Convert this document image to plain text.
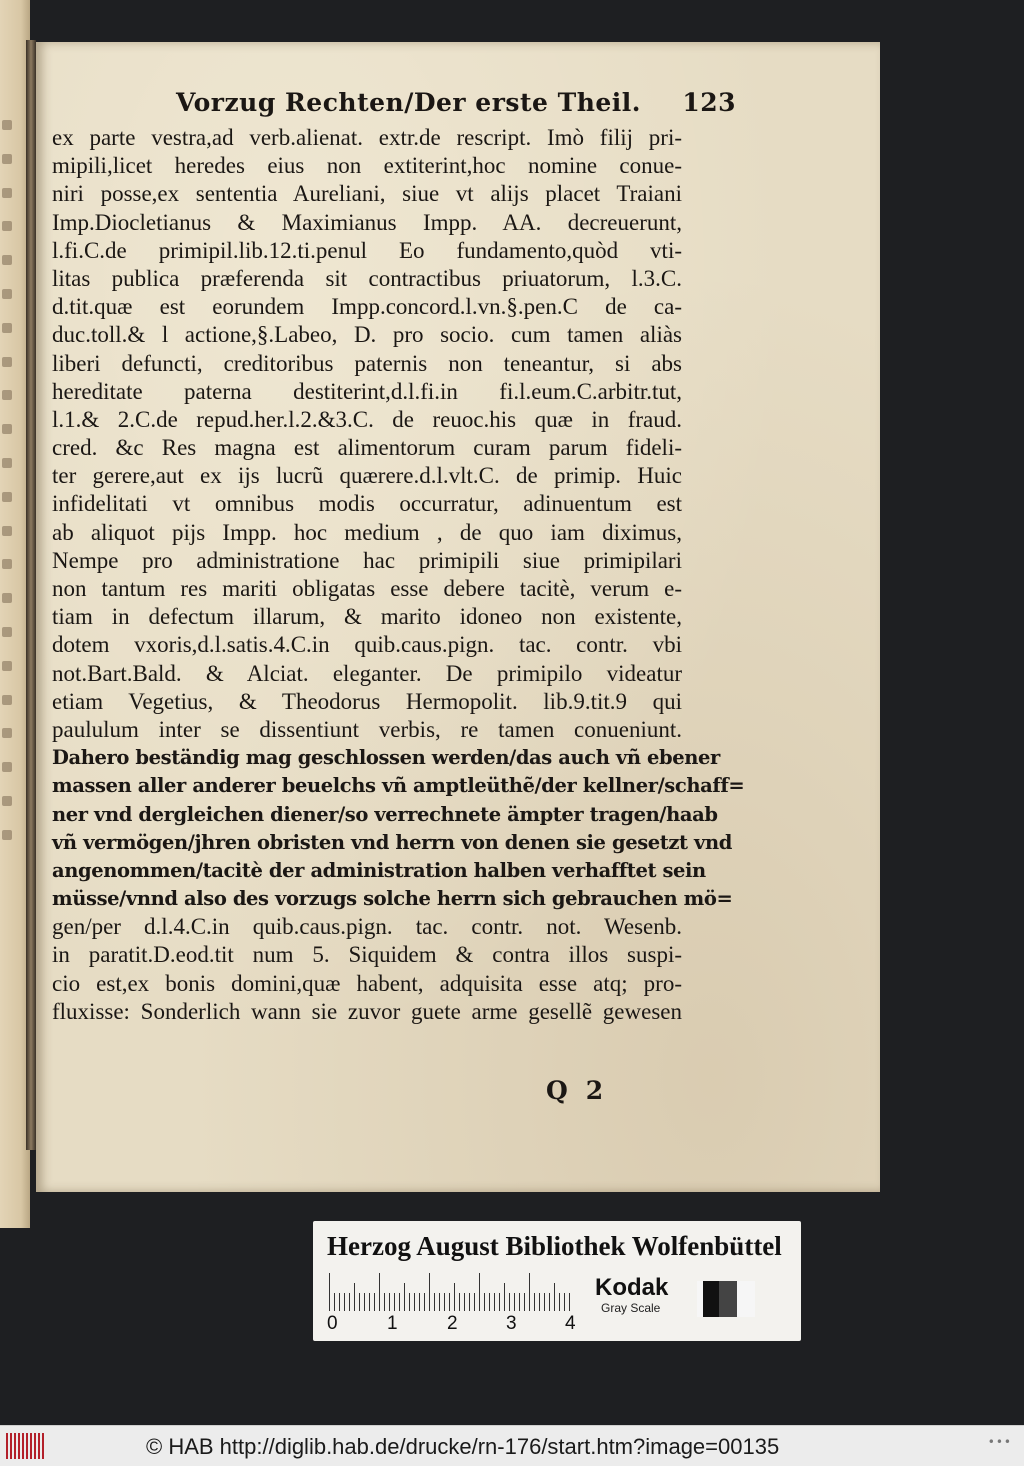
Vorzug Rechten/Der erste Theil. 123
ex parte vestra,ad verb.alienat. extr.de rescript. Imò filij pri-
mipili,licet heredes eius non extiterint,hoc nomine conue-
niri posse,ex sententia Aureliani, siue vt alijs placet Traiani
Imp.Diocletianus & Maximianus Impp. AA. decreuerunt,
l.fi.C.de primipil.lib.12.ti.penul Eo fundamento,quòd vti-
litas publica præferenda sit contractibus priuatorum, l.3.C.
d.tit.quæ est eorundem Impp.concord.l.vn.§.pen.C de ca-
duc.toll.& l actione,§.Labeo, D. pro socio. cum tamen aliàs
liberi defuncti, creditoribus paternis non teneantur, si abs
hereditate paterna destiterint,d.l.fi.in fi.l.eum.C.arbitr.tut,
l.1.& 2.C.de repud.her.l.2.&3.C. de reuoc.his quæ in fraud.
cred. &c Res magna est alimentorum curam parum fideli-
ter gerere,aut ex ijs lucrũ quærere.d.l.vlt.C. de primip. Huic
infidelitati vt omnibus modis occurratur, adinuentum est
ab aliquot pijs Impp. hoc medium , de quo iam diximus,
Nempe pro administratione hac primipili siue primipilari
non tantum res mariti obligatas esse debere tacitè, verum e-
tiam in defectum illarum, & marito idoneo non existente,
dotem vxoris,d.l.satis.4.C.in quib.caus.pign. tac. contr. vbi
not.Bart.Bald. & Alciat. eleganter. De primipilo videatur
etiam Vegetius, & Theodorus Hermopolit. lib.9.tit.9 qui
paululum inter se dissentiunt verbis, re tamen conueniunt.
Dahero beständig mag geschlossen werden/das auch vñ ebener
massen aller anderer beuelchs vñ amptleüthẽ/der kellner/schaff=
ner vnd dergleichen diener/so verrechnete ämpter tragen/haab
vñ vermögen/jhren obristen vnd herrn von denen sie gesetzt vnd
angenommen/tacitè der administration halben verhafftet sein
müsse/vnnd also des vorzugs solche herrn sich gebrauchen mö=
gen/per d.l.4.C.in quib.caus.pign. tac. contr. not. Wesenb.
in paratit.D.eod.tit num 5. Siquidem & contra illos suspi-
cio est,ex bonis domini,quæ habent, adquisita esse atq; pro-
fluxisse: Sonderlich wann sie zuvor guete arme gesellẽ gewesen
Q 2
Herzog August Bibliothek Wolfenbüttel
0	1	2	3	4
Kodak
Gray Scale
© HAB http://diglib.hab.de/drucke/rn-176/start.htm?image=00135	•••
